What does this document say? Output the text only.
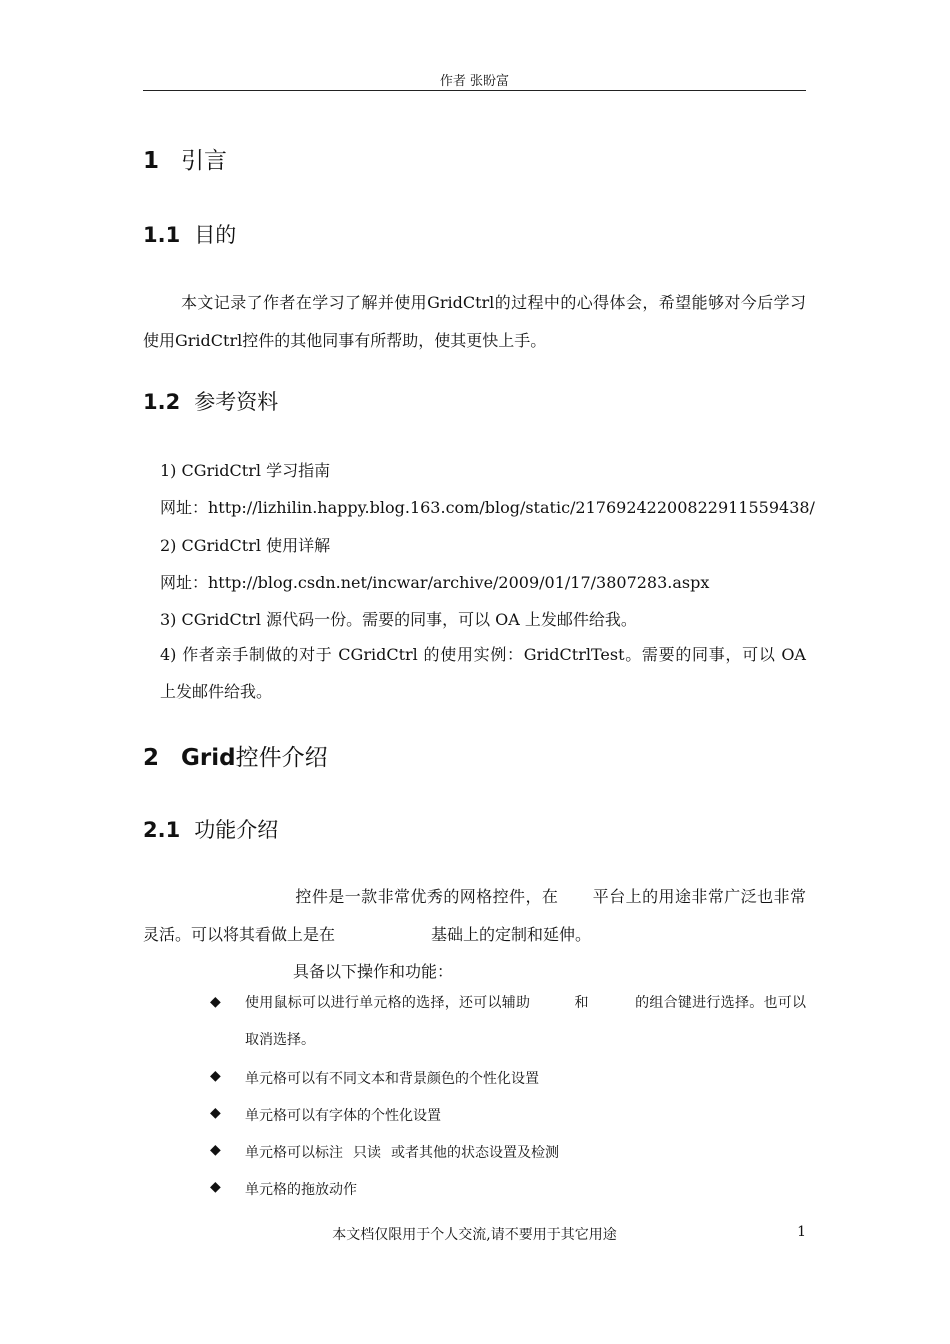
作者 张盼富
1 引言
1.1 目的
本文记录了作者在学习了解并使用GridCtrl的过程中的心得体会，希望能够对今后学习使用GridCtrl控件的其他同事有所帮助，使其更快上手。
1.2 参考资料
1) CGridCtrl 学习指南
网址：http://lizhilin.happy.blog.163.com/blog/static/21769242200822911559438/
2) CGridCtrl 使用详解
网址：http://blog.csdn.net/incwar/archive/2009/01/17/3807283.aspx
3) CGridCtrl 源代码一份。需要的同事，可以 OA 上发邮件给我。
4) 作者亲手制做的对于 CGridCtrl 的使用实例：GridCtrlTest。需要的同事，可以 OA 上发邮件给我。
2 Grid控件介绍
2.1 功能介绍
控件是一款非常优秀的网格控件，在 平台上的用途非常广泛也非常灵活。可以将其看做上是在	基础上的定制和延伸。
具备以下操作和功能：
◆ 使用鼠标可以进行单元格的选择，还可以辅助	和	的组合键进行选择。也可以取消选择。
◆ 单元格可以有不同文本和背景颜色的个性化设置
◆ 单元格可以有字体的个性化设置
◆ 单元格可以标注 只读 或者其他的状态设置及检测
◆ 单元格的拖放动作
本文档仅限用于个人交流,请不要用于其它用途	1
